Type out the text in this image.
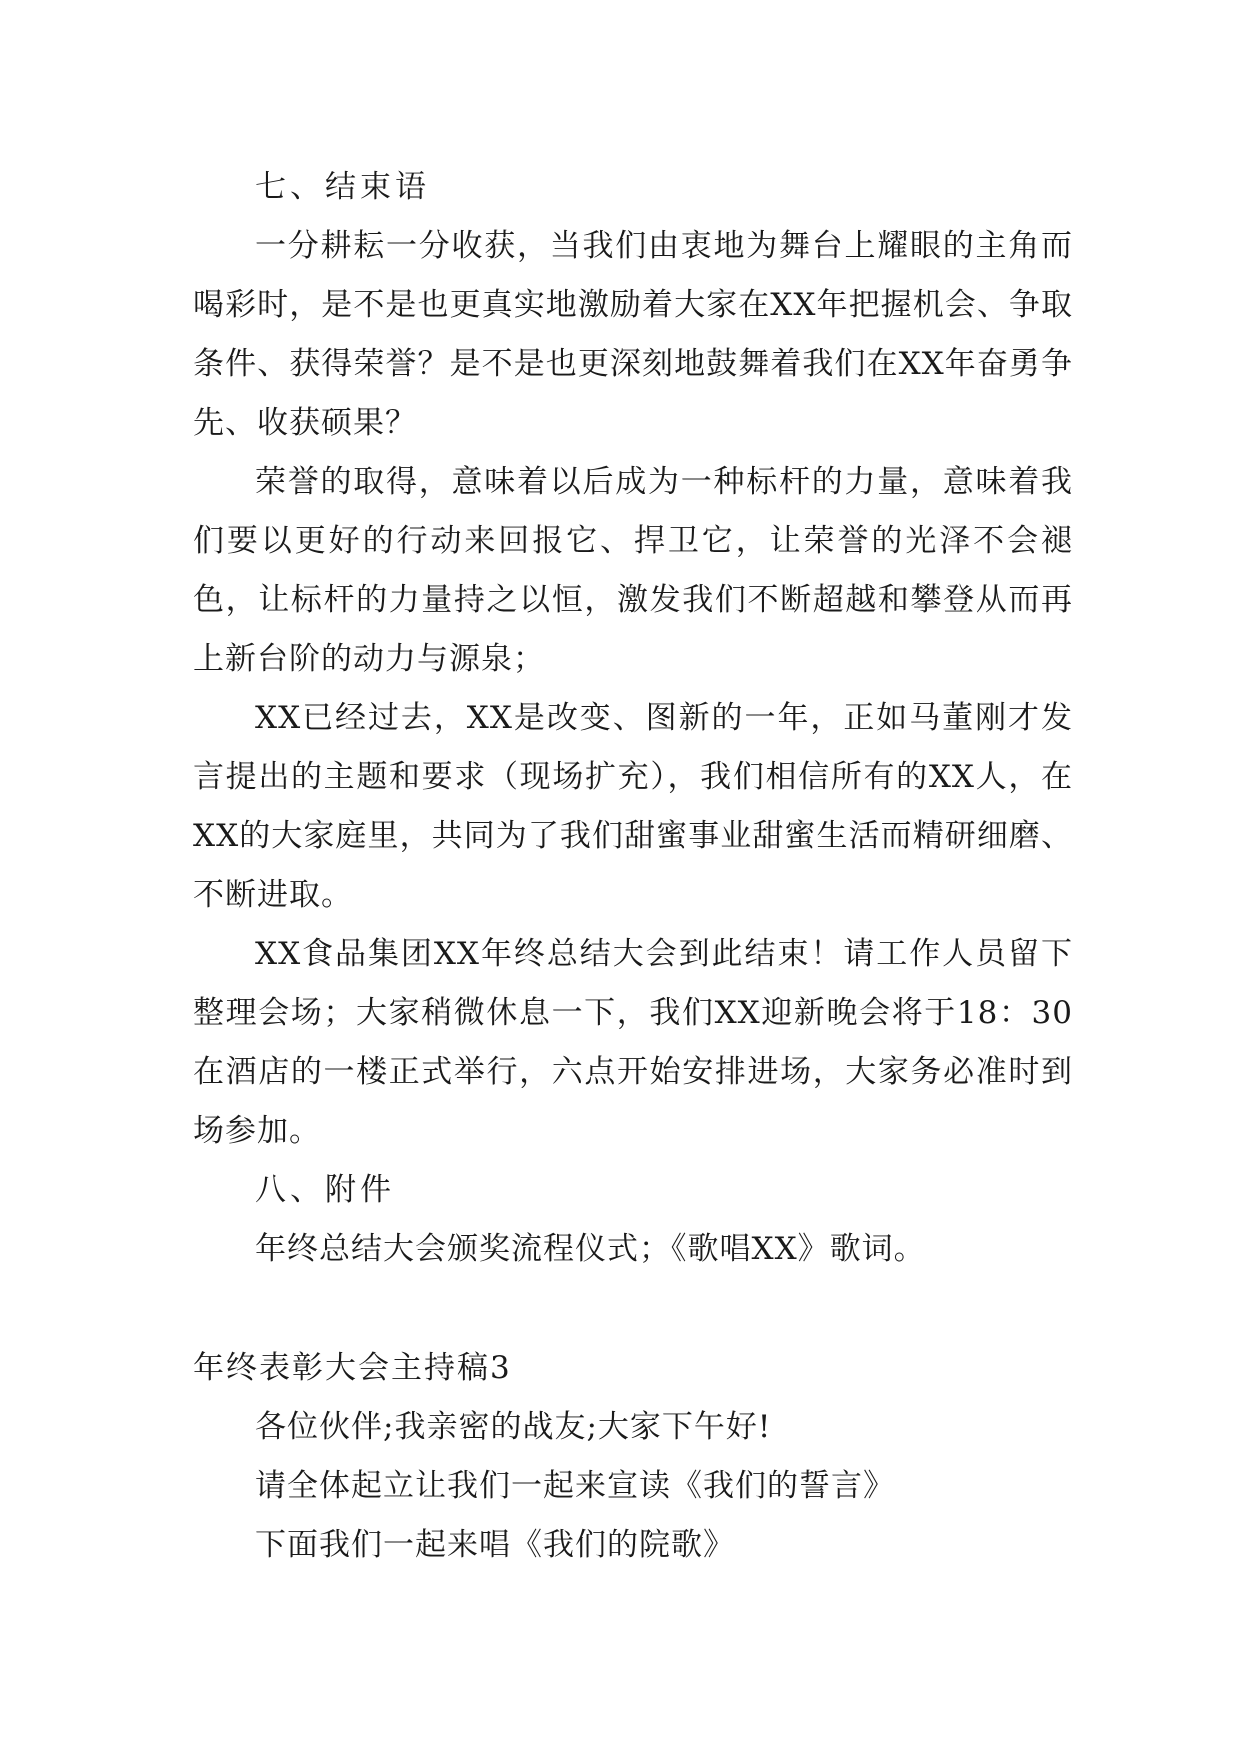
七、结束语

一分耕耘一分收获，当我们由衷地为舞台上耀眼的主角而喝彩时，是不是也更真实地激励着大家在XX年把握机会、争取条件、获得荣誉？是不是也更深刻地鼓舞着我们在XX年奋勇争先、收获硕果？

荣誉的取得，意味着以后成为一种标杆的力量，意味着我们要以更好的行动来回报它、捍卫它，让荣誉的光泽不会褪色，让标杆的力量持之以恒，激发我们不断超越和攀登从而再上新台阶的动力与源泉；

XX已经过去，XX是改变、图新的一年，正如马董刚才发言提出的主题和要求（现场扩充），我们相信所有的XX人，在XX的大家庭里，共同为了我们甜蜜事业甜蜜生活而精研细磨、不断进取。

XX食品集团XX年终总结大会到此结束！请工作人员留下整理会场；大家稍微休息一下，我们XX迎新晚会将于18：30在酒店的一楼正式举行，六点开始安排进场，大家务必准时到场参加。

八、附件

年终总结大会颁奖流程仪式；《歌唱XX》歌词。

年终表彰大会主持稿3

各位伙伴;我亲密的战友;大家下午好!

请全体起立让我们一起来宣读《我们的誓言》

下面我们一起来唱《我们的院歌》
